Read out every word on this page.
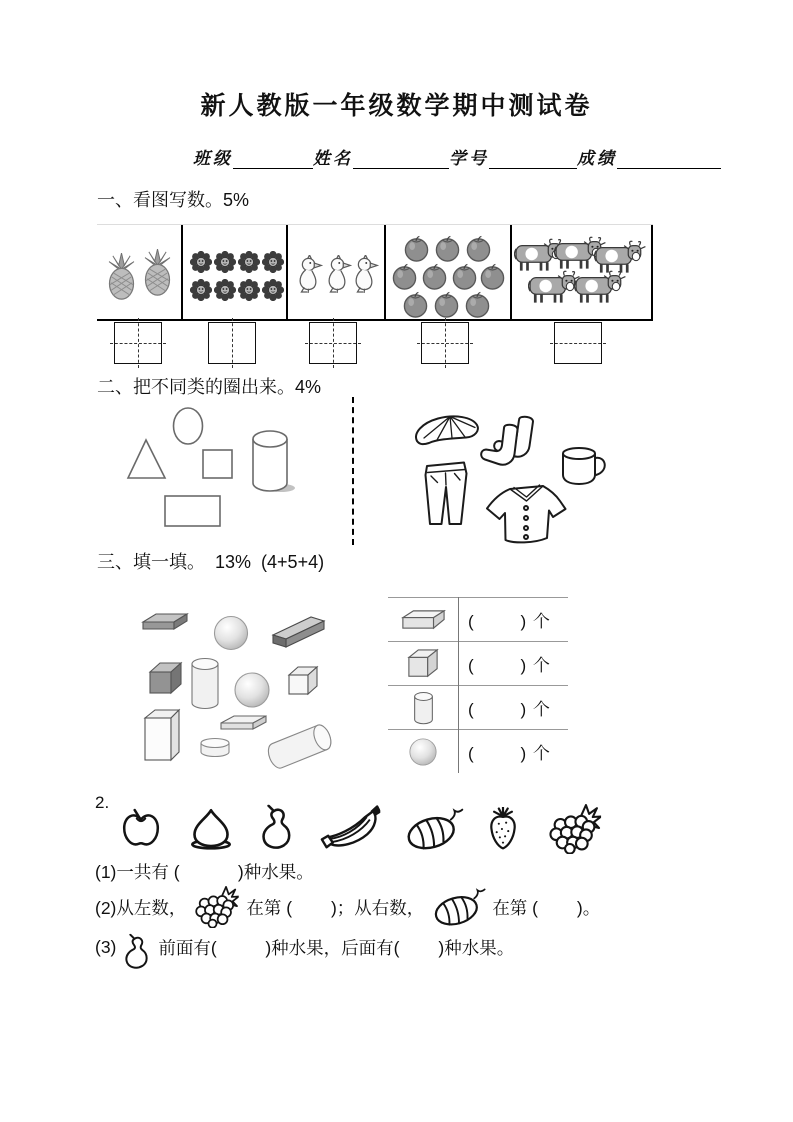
新人教版一年级数学期中测试卷
班级	姓名	学号	成绩
一、看图写数。5%
二、把不同类的圈出来。4%
三、填一填。 13%  (4+5+4)
(        ) 个
(        ) 个
(        ) 个
(        ) 个
2.
(1)一共有 (            )种水果。
(2)从左数，	在第 (        )；从右数，	在第 (        )。
(3) 前面有(          )种水果，后面有(        )种水果。
